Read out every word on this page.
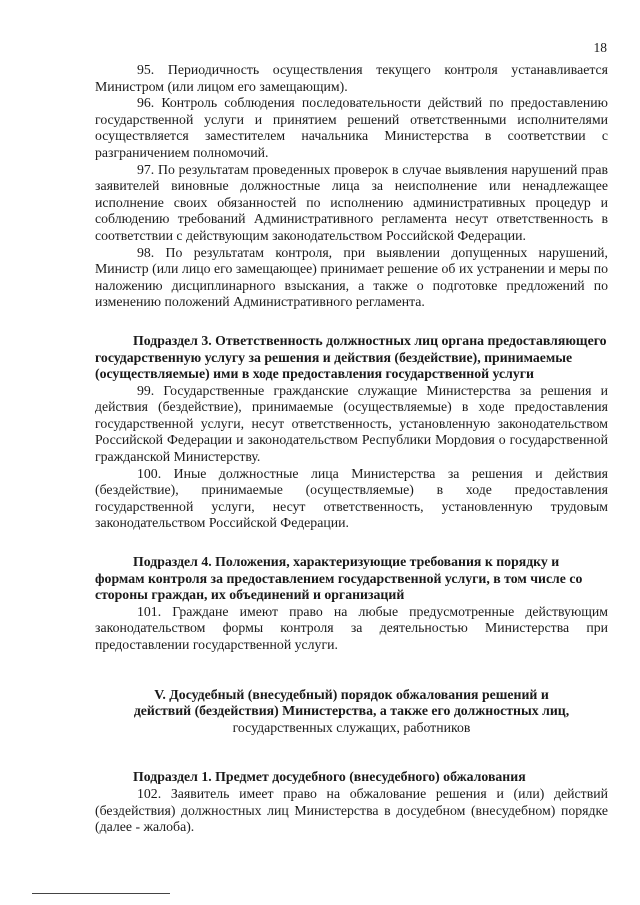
18

95. Периодичность осуществления текущего контроля устанавливается Министром (или лицом его замещающим).

96. Контроль соблюдения последовательности действий по предоставлению государственной услуги и принятием решений ответственными исполнителями осуществляется заместителем начальника Министерства в соответствии с разграничением полномочий.

97. По результатам проведенных проверок в случае выявления нарушений прав заявителей виновные должностные лица за неисполнение или ненадлежащее исполнение своих обязанностей по исполнению административных процедур и соблюдению требований Административного регламента несут ответственность в соответствии с действующим законодательством Российской Федерации.

98. По результатам контроля, при выявлении допущенных нарушений, Министр (или лицо его замещающее) принимает решение об их устранении и меры по наложению дисциплинарного взыскания, а также о подготовке предложений по изменению положений Административного регламента.

Подраздел 3. Ответственность должностных лиц органа предоставляющего государственную услугу за решения и действия (бездействие), принимаемые (осуществляемые) ими в ходе предоставления государственной услуги

99. Государственные гражданские служащие Министерства за решения и действия (бездействие), принимаемые (осуществляемые) в ходе предоставления государственной услуги, несут ответственность, установленную законодательством Российской Федерации и законодательством Республики Мордовия о государственной гражданской Министерству.

100. Иные должностные лица Министерства за решения и действия (бездействие), принимаемые (осуществляемые) в ходе предоставления государственной услуги, несут ответственность, установленную трудовым законодательством Российской Федерации.

Подраздел 4. Положения, характеризующие требования к порядку и формам контроля за предоставлением государственной услуги, в том числе со стороны граждан, их объединений и организаций

101. Граждане имеют право на любые предусмотренные действующим законодательством формы контроля за деятельностью Министерства при предоставлении государственной услуги.

V. Досудебный (внесудебный) порядок обжалования решений и
действий (бездействия) Министерства, а также его должностных лиц,
государственных служащих, работников
Подраздел 1. Предмет досудебного (внесудебного) обжалования

102. Заявитель имеет право на обжалование решения и (или) действий (бездействия) должностных лиц Министерства в досудебном (внесудебном) порядке (далее - жалоба).
